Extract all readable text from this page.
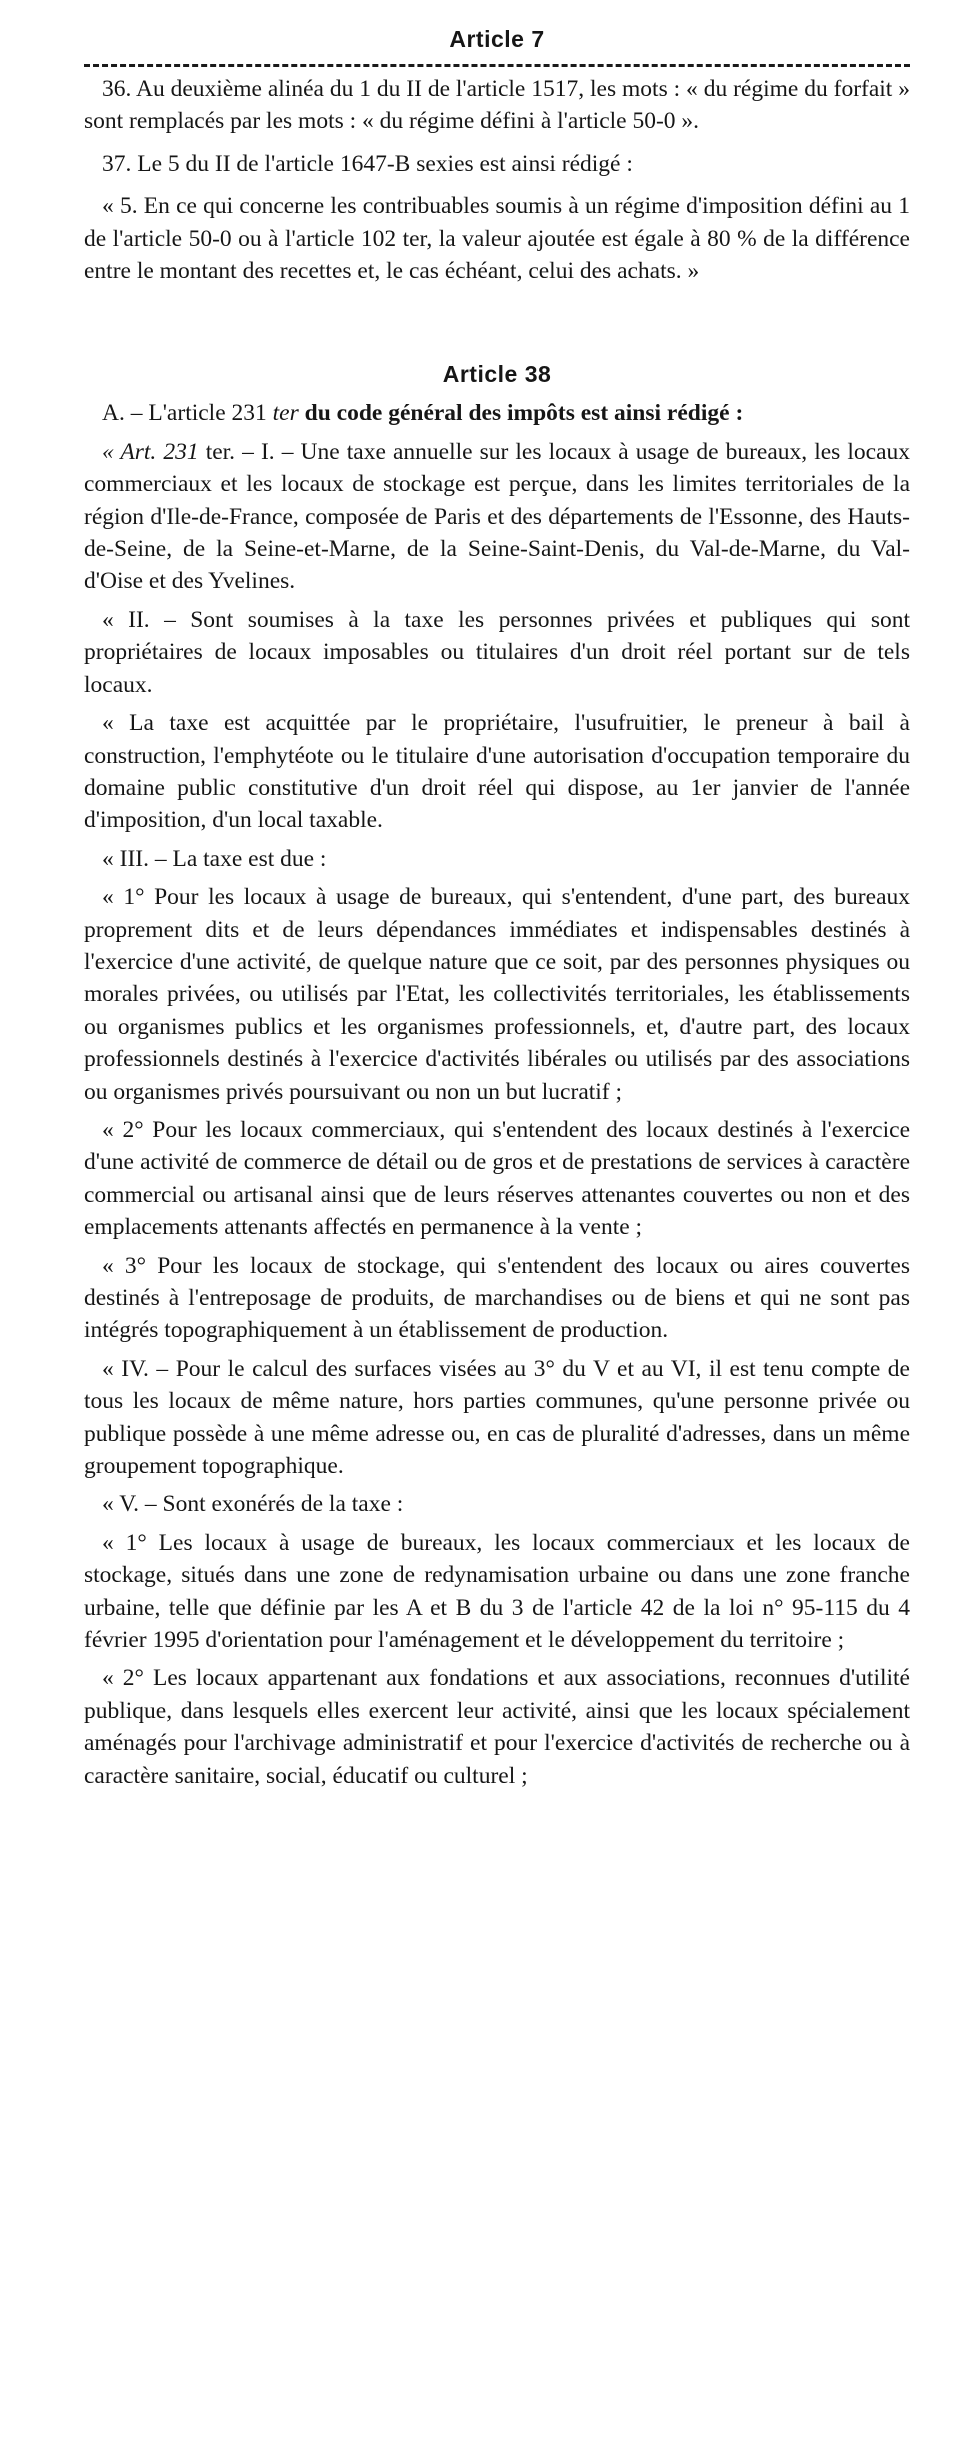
Article 7

36. Au deuxième alinéa du 1 du II de l'article 1517, les mots : « du régime du forfait » sont remplacés par les mots : « du régime défini à l'article 50-0 ».

37. Le 5 du II de l'article 1647-B sexies est ainsi rédigé :

« 5. En ce qui concerne les contribuables soumis à un régime d'imposition défini au 1 de l'article 50-0 ou à l'article 102 ter, la valeur ajoutée est égale à 80 % de la différence entre le montant des recettes et, le cas échéant, celui des achats. »

Article 38

A. – L'article 231 ter du code général des impôts est ainsi rédigé :

« Art. 231 ter. – I. – Une taxe annuelle sur les locaux à usage de bureaux, les locaux commerciaux et les locaux de stockage est perçue, dans les limites territoriales de la région d'Ile-de-France, composée de Paris et des départements de l'Essonne, des Hauts-de-Seine, de la Seine-et-Marne, de la Seine-Saint-Denis, du Val-de-Marne, du Val-d'Oise et des Yvelines.

« II. – Sont soumises à la taxe les personnes privées et publiques qui sont propriétaires de locaux imposables ou titulaires d'un droit réel portant sur de tels locaux.

« La taxe est acquittée par le propriétaire, l'usufruitier, le preneur à bail à construction, l'emphytéote ou le titulaire d'une autorisation d'occupation temporaire du domaine public constitutive d'un droit réel qui dispose, au 1er janvier de l'année d'imposition, d'un local taxable.

« III. – La taxe est due :

« 1° Pour les locaux à usage de bureaux, qui s'entendent, d'une part, des bureaux proprement dits et de leurs dépendances immédiates et indispensables destinés à l'exercice d'une activité, de quelque nature que ce soit, par des personnes physiques ou morales privées, ou utilisés par l'Etat, les collectivités territoriales, les établissements ou organismes publics et les organismes professionnels, et, d'autre part, des locaux professionnels destinés à l'exercice d'activités libérales ou utilisés par des associations ou organismes privés poursuivant ou non un but lucratif ;

« 2° Pour les locaux commerciaux, qui s'entendent des locaux destinés à l'exercice d'une activité de commerce de détail ou de gros et de prestations de services à caractère commercial ou artisanal ainsi que de leurs réserves attenantes couvertes ou non et des emplacements attenants affectés en permanence à la vente ;

« 3° Pour les locaux de stockage, qui s'entendent des locaux ou aires couvertes destinés à l'entreposage de produits, de marchandises ou de biens et qui ne sont pas intégrés topographiquement à un établissement de production.

« IV. – Pour le calcul des surfaces visées au 3° du V et au VI, il est tenu compte de tous les locaux de même nature, hors parties communes, qu'une personne privée ou publique possède à une même adresse ou, en cas de pluralité d'adresses, dans un même groupement topographique.

« V. – Sont exonérés de la taxe :

« 1° Les locaux à usage de bureaux, les locaux commerciaux et les locaux de stockage, situés dans une zone de redynamisation urbaine ou dans une zone franche urbaine, telle que définie par les A et B du 3 de l'article 42 de la loi n° 95-115 du 4 février 1995 d'orientation pour l'aménagement et le développement du territoire ;

« 2° Les locaux appartenant aux fondations et aux associations, reconnues d'utilité publique, dans lesquels elles exercent leur activité, ainsi que les locaux spécialement aménagés pour l'archivage administratif et pour l'exercice d'activités de recherche ou à caractère sanitaire, social, éducatif ou culturel ;
